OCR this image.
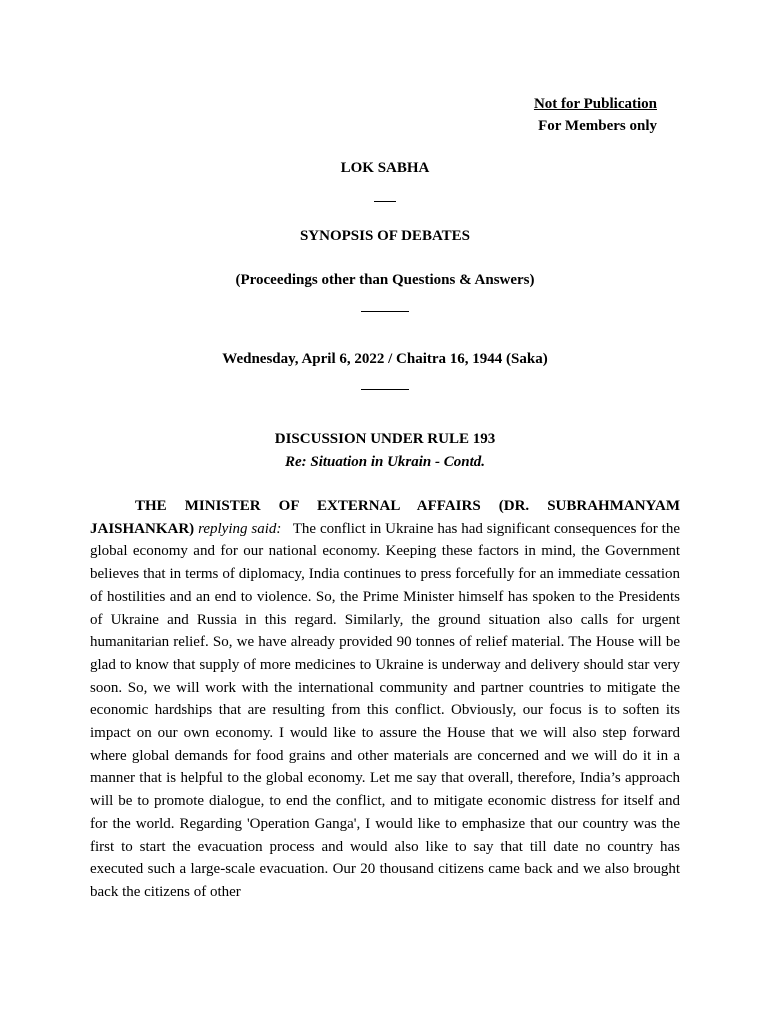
Not for Publication
For Members only
LOK SABHA
SYNOPSIS OF DEBATES
(Proceedings other than Questions & Answers)
Wednesday, April 6, 2022 / Chaitra 16, 1944 (Saka)
DISCUSSION UNDER RULE 193
Re: Situation in Ukrain - Contd.

THE MINISTER OF EXTERNAL AFFAIRS (DR. SUBRAHMANYAM JAISHANKAR) replying said: The conflict in Ukraine has had significant consequences for the global economy and for our national economy. Keeping these factors in mind, the Government believes that in terms of diplomacy, India continues to press forcefully for an immediate cessation of hostilities and an end to violence. So, the Prime Minister himself has spoken to the Presidents of Ukraine and Russia in this regard. Similarly, the ground situation also calls for urgent humanitarian relief. So, we have already provided 90 tonnes of relief material. The House will be glad to know that supply of more medicines to Ukraine is underway and delivery should star very soon. So, we will work with the international community and partner countries to mitigate the economic hardships that are resulting from this conflict. Obviously, our focus is to soften its impact on our own economy. I would like to assure the House that we will also step forward where global demands for food grains and other materials are concerned and we will do it in a manner that is helpful to the global economy. Let me say that overall, therefore, India’s approach will be to promote dialogue, to end the conflict, and to mitigate economic distress for itself and for the world. Regarding 'Operation Ganga', I would like to emphasize that our country was the first to start the evacuation process and would also like to say that till date no country has executed such a large-scale evacuation. Our 20 thousand citizens came back and we also brought back the citizens of other
